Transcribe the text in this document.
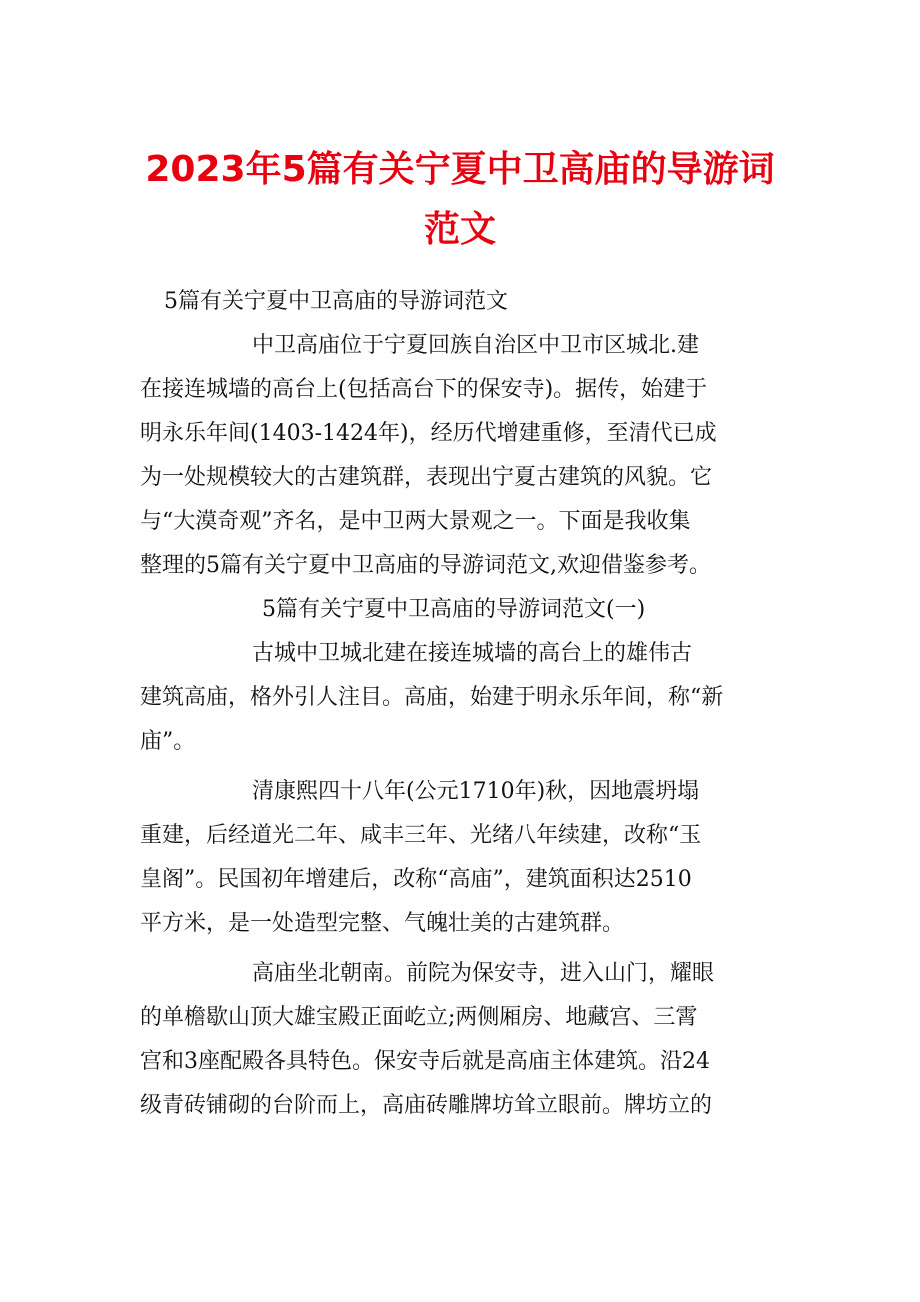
2023年5篇有关宁夏中卫高庙的导游词范文
5篇有关宁夏中卫高庙的导游词范文
中卫高庙位于宁夏回族自治区中卫市区城北.建
在接连城墙的高台上(包括高台下的保安寺)。据传，始建于
明永乐年间(1403-1424年)，经历代增建重修，至清代已成
为一处规模较大的古建筑群，表现出宁夏古建筑的风貌。它
与“大漠奇观”齐名，是中卫两大景观之一。下面是我收集
整理的5篇有关宁夏中卫高庙的导游词范文,欢迎借鉴参考。
5篇有关宁夏中卫高庙的导游词范文(一)
古城中卫城北建在接连城墙的高台上的雄伟古
建筑高庙，格外引人注目。高庙，始建于明永乐年间，称“新
庙”。
清康熙四十八年(公元1710年)秋，因地震坍塌
重建，后经道光二年、咸丰三年、光绪八年续建，改称“玉
皇阁”。民国初年增建后，改称“高庙”，建筑面积达2510
平方米，是一处造型完整、气魄壮美的古建筑群。
高庙坐北朝南。前院为保安寺，进入山门，耀眼
的单檐歇山顶大雄宝殿正面屹立;两侧厢房、地藏宫、三霄
宫和3座配殿各具特色。保安寺后就是高庙主体建筑。沿24
级青砖铺砌的台阶而上，高庙砖雕牌坊耸立眼前。牌坊立的
